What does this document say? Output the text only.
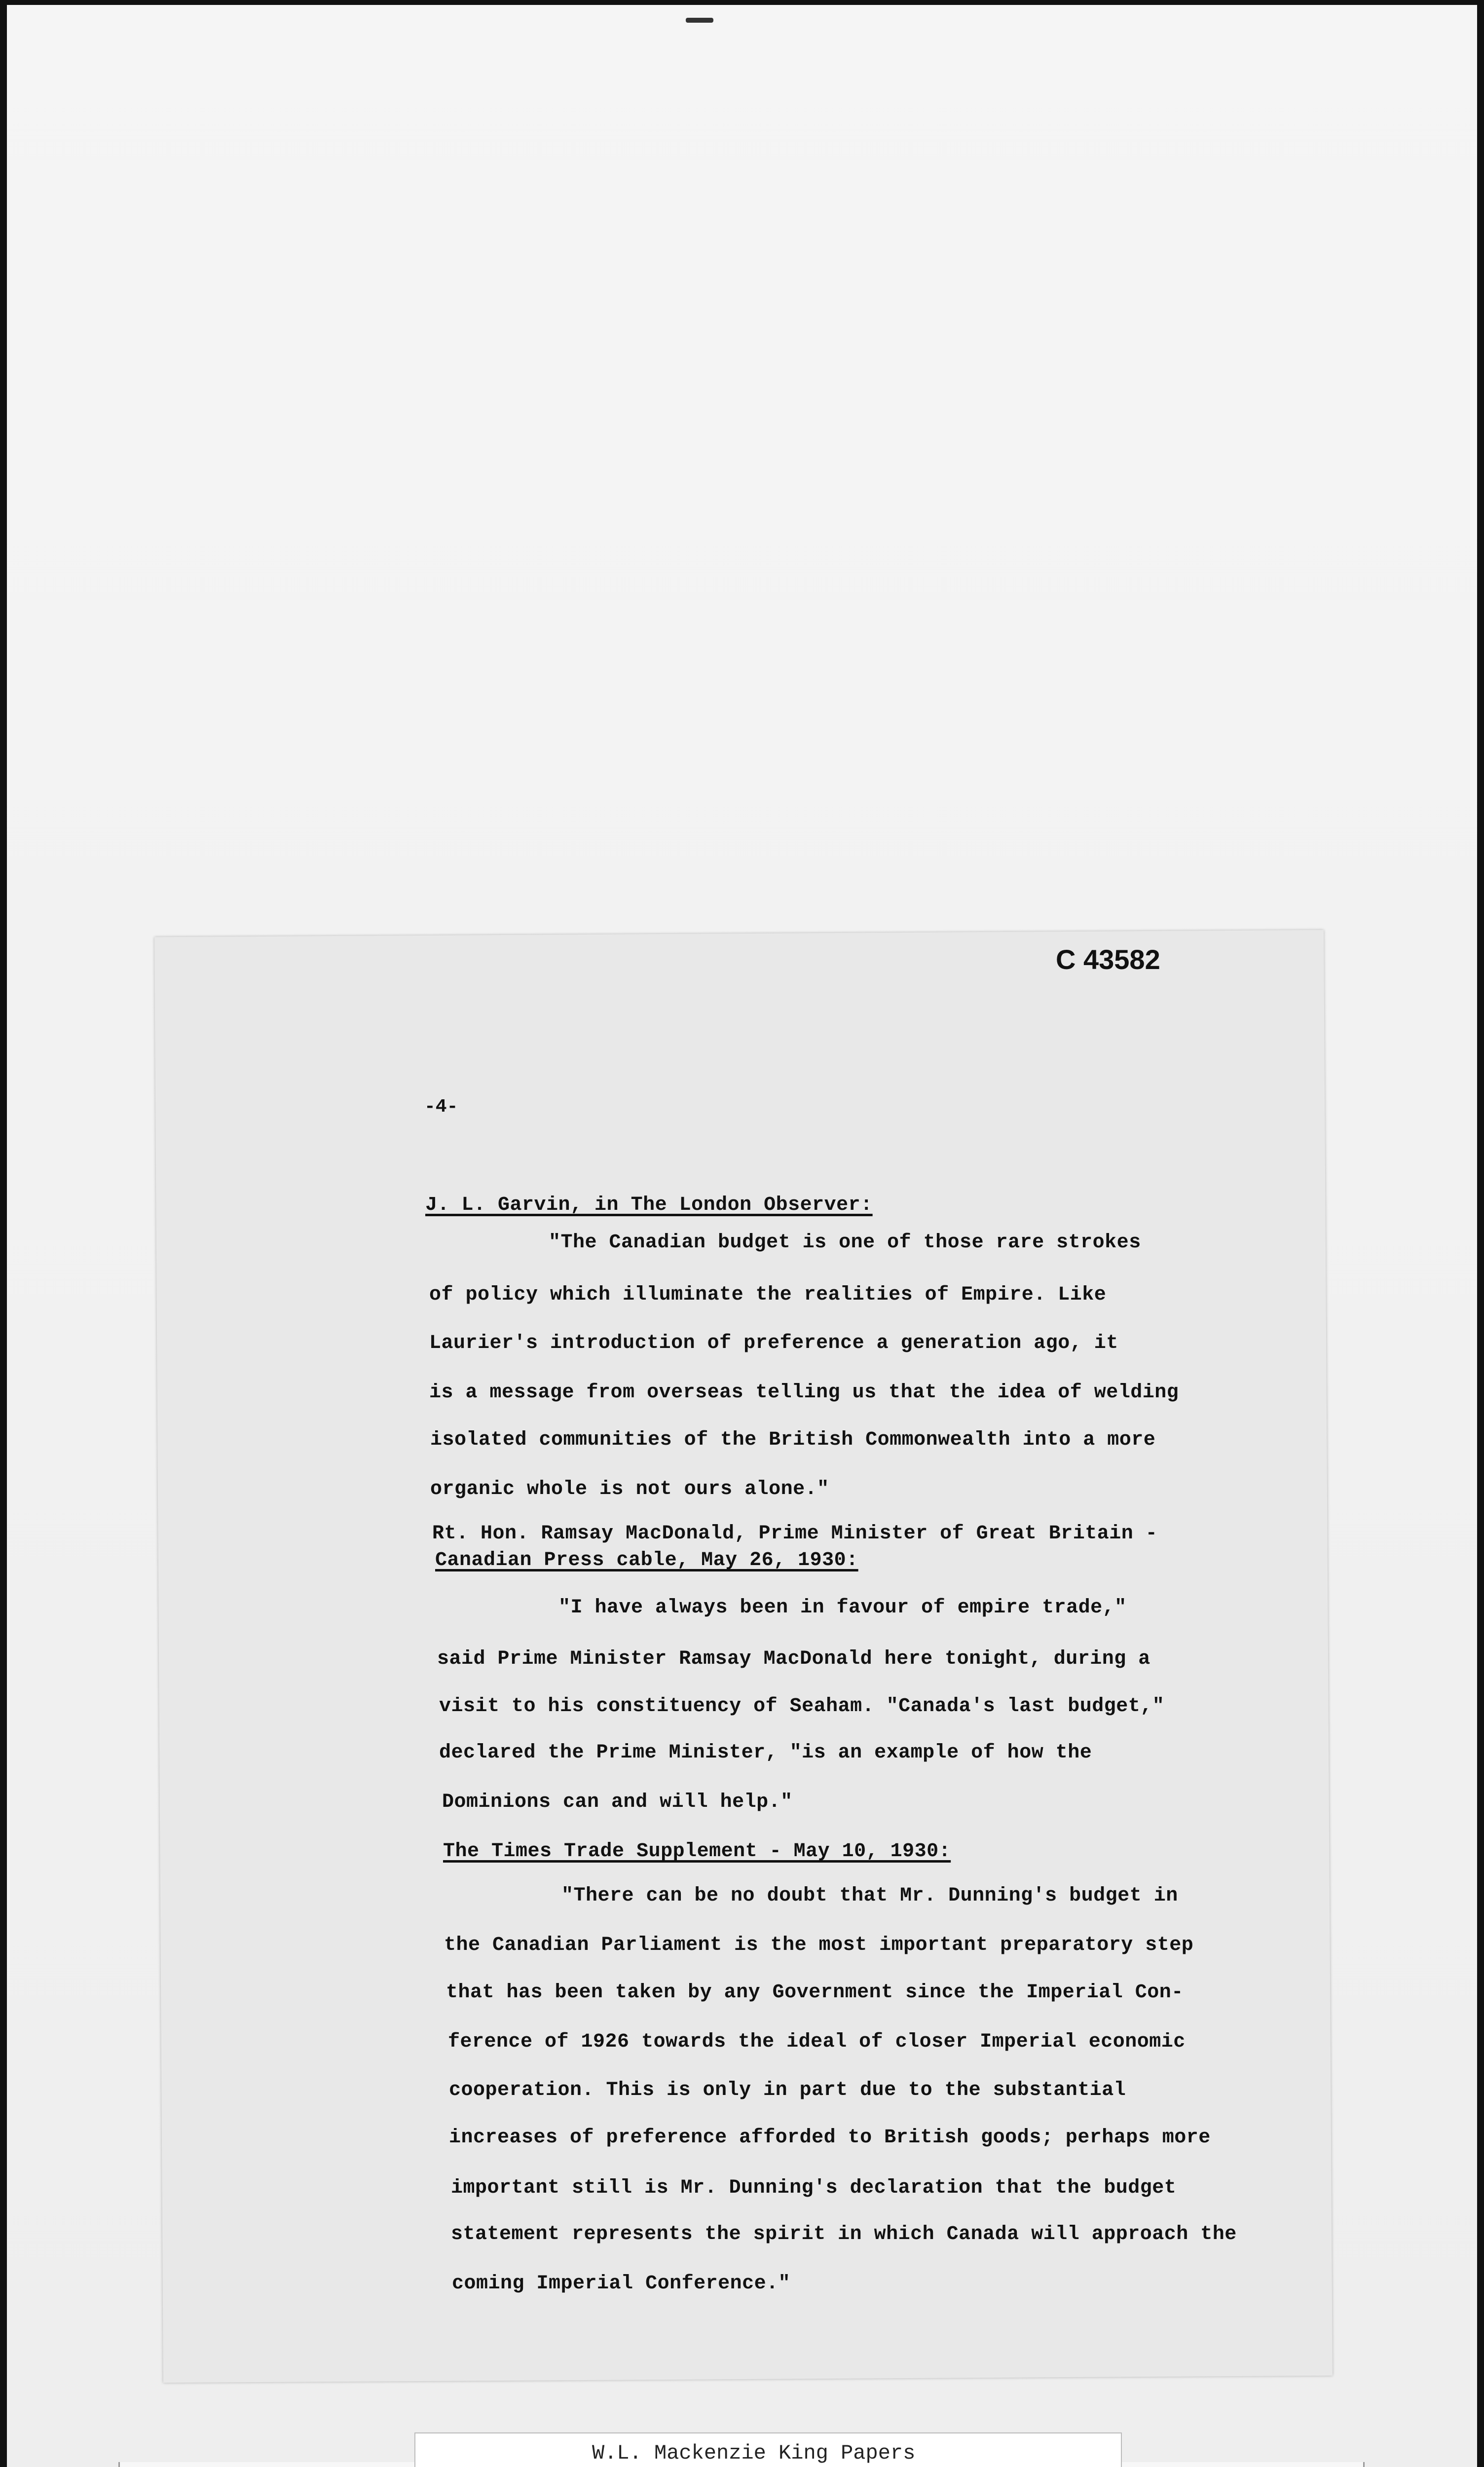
C 43582
-4-
J. L. Garvin, in The London Observer:
"The Canadian budget is one of those rare strokes
of policy which illuminate the realities of Empire. Like
Laurier's introduction of preference a generation ago, it
is a message from overseas telling us that the idea of welding
isolated communities of the British Commonwealth into a more
organic whole is not ours alone."
Rt. Hon. Ramsay MacDonald, Prime Minister of Great Britain -
Canadian Press cable, May 26, 1930:
"I have always been in favour of empire trade,"
said Prime Minister Ramsay MacDonald here tonight, during a
visit to his constituency of Seaham. "Canada's last budget,"
declared the Prime Minister, "is an example of how the
Dominions can and will help."
The Times Trade Supplement - May 10, 1930:
"There can be no doubt that Mr. Dunning's budget in
the Canadian Parliament is the most important preparatory step
that has been taken by any Government since the Imperial Con-
ference of 1926 towards the ideal of closer Imperial economic
cooperation. This is only in part due to the substantial
increases of preference afforded to British goods; perhaps more
important still is Mr. Dunning's declaration that the budget
statement represents the spirit in which Canada will approach the
coming Imperial Conference."
W.L. Mackenzie King Papers
